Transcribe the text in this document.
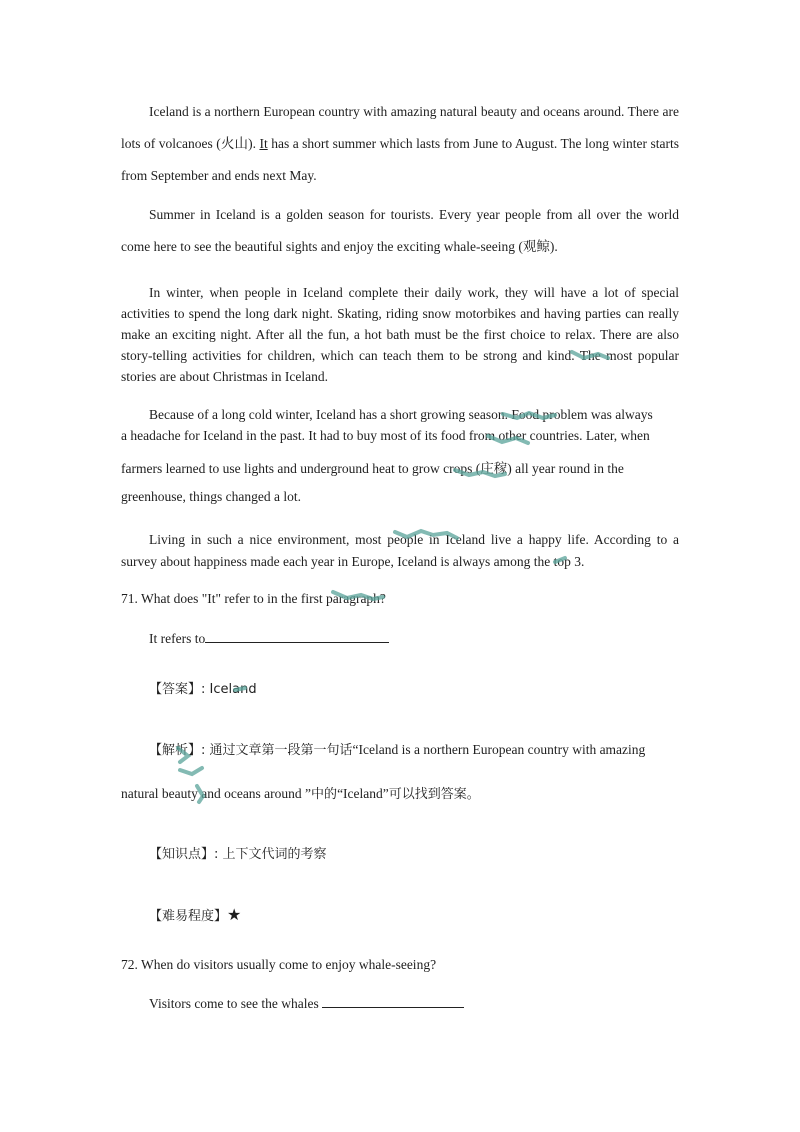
Iceland is a northern European country with amazing natural beauty and oceans around. There are lots of volcanoes (火山). It has a short summer which lasts from June to August. The long winter starts from September and ends next May.

Summer in Iceland is a golden season for tourists. Every year people from all over the world come here to see the beautiful sights and enjoy the exciting whale-seeing (观鲸).

In winter, when people in Iceland complete their daily work, they will have a lot of special activities to spend the long dark night. Skating, riding snow motorbikes and having parties can really make an exciting night. After all the fun, a hot bath must be the first choice to relax. There are also story-telling activities for children, which can teach them to be strong and kind. The most popular stories are about Christmas in Iceland.

Because of a long cold winter, Iceland has a short growing season. Food problem was always
a headache for Iceland in the past. It had to buy most of its food from other countries. Later, when
farmers learned to use lights and underground heat to grow crops (庄稼) all year round in the
greenhouse, things changed a lot.

Living in such a nice environment, most people in Iceland live a happy life. According to a survey about happiness made each year in Europe, Iceland is always among the top 3.

71. What does "It" refer to in the first paragraph?

It refers to

【答案】: Iceland

【解析】: 通过文章第一段第一句话“Iceland is a northern European country with amazing

natural beauty and oceans around ”中的“Iceland”可以找到答案。

【知识点】: 上下文代词的考察

【难易程度】★

72. When do visitors usually come to enjoy whale-seeing?

Visitors come to see the whales
